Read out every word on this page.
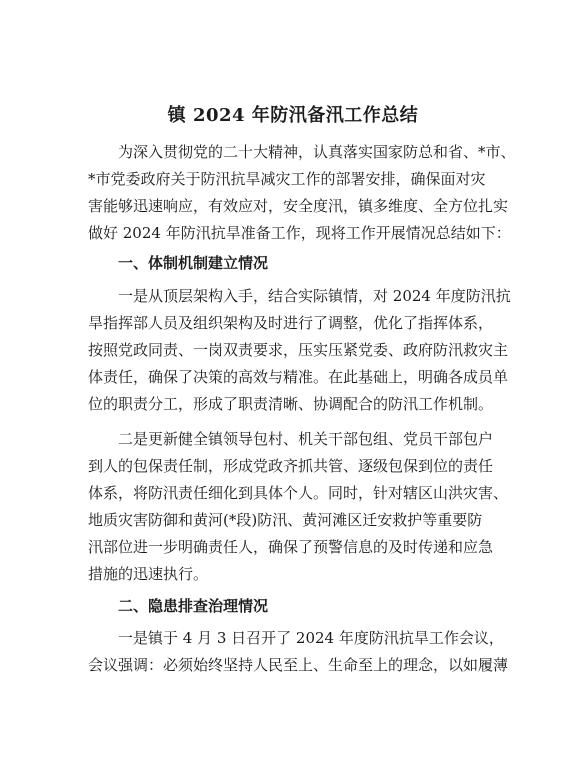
镇 2024 年防汛备汛工作总结
为深入贯彻党的二十大精神，认真落实国家防总和省、*市、
*市党委政府关于防汛抗旱减灾工作的部署安排，确保面对灾
害能够迅速响应，有效应对，安全度汛，镇多维度、全方位扎实
做好 2024 年防汛抗旱准备工作，现将工作开展情况总结如下：
一、体制机制建立情况
一是从顶层架构入手，结合实际镇情，对 2024 年度防汛抗
旱指挥部人员及组织架构及时进行了调整，优化了指挥体系，
按照党政同责、一岗双责要求，压实压紧党委、政府防汛救灾主
体责任，确保了决策的高效与精准。在此基础上，明确各成员单
位的职责分工，形成了职责清晰、协调配合的防汛工作机制。
二是更新健全镇领导包村、机关干部包组、党员干部包户
到人的包保责任制，形成党政齐抓共管、逐级包保到位的责任
体系，将防汛责任细化到具体个人。同时，针对辖区山洪灾害、
地质灾害防御和黄河(*段)防汛、黄河滩区迁安救护等重要防
汛部位进一步明确责任人，确保了预警信息的及时传递和应急
措施的迅速执行。
二、隐患排查治理情况
一是镇于 4 月 3 日召开了 2024 年度防汛抗旱工作会议，
会议强调：必须始终坚持人民至上、生命至上的理念，以如履薄
